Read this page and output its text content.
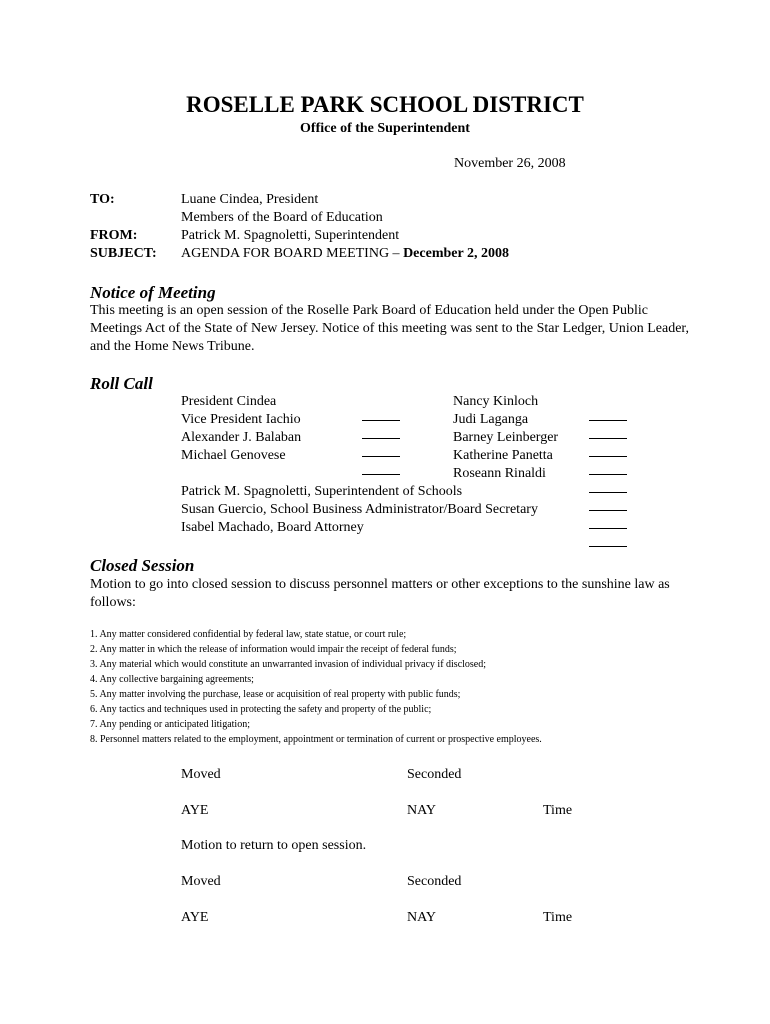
ROSELLE PARK SCHOOL DISTRICT
Office of the Superintendent
November 26, 2008
TO:	Luane Cindea, President
Members of the Board of Education
FROM:	Patrick M. Spagnoletti, Superintendent
SUBJECT: AGENDA FOR BOARD MEETING – December 2, 2008
Notice of Meeting
This meeting is an open session of the Roselle Park Board of Education held under the Open Public Meetings Act of the State of New Jersey. Notice of this meeting was sent to the Star Ledger, Union Leader, and the Home News Tribune.
Roll Call
President Cindea
Vice President Iachio
Alexander J. Balaban
Michael Genovese
Nancy Kinloch
Judi Laganga
Barney Leinberger
Katherine Panetta
Roseann Rinaldi
Patrick M. Spagnoletti, Superintendent of Schools
Susan Guercio, School Business Administrator/Board Secretary
Isabel Machado, Board Attorney
Closed Session
Motion to go into closed session to discuss personnel matters or other exceptions to the sunshine law as follows:
1. Any matter considered confidential by federal law, state statue, or court rule;
2. Any matter in which the release of information would impair the receipt of federal funds;
3. Any material which would constitute an unwarranted invasion of individual privacy if disclosed;
4. Any collective bargaining agreements;
5. Any matter involving the purchase, lease or acquisition of real property with public funds;
6. Any tactics and techniques used in protecting the safety and property of the public;
7. Any pending or anticipated litigation;
8. Personnel matters related to the employment, appointment or termination of current or prospective employees.
Moved	Seconded
AYE	NAY	Time
Motion to return to open session.
Moved	Seconded
AYE	NAY	Time
